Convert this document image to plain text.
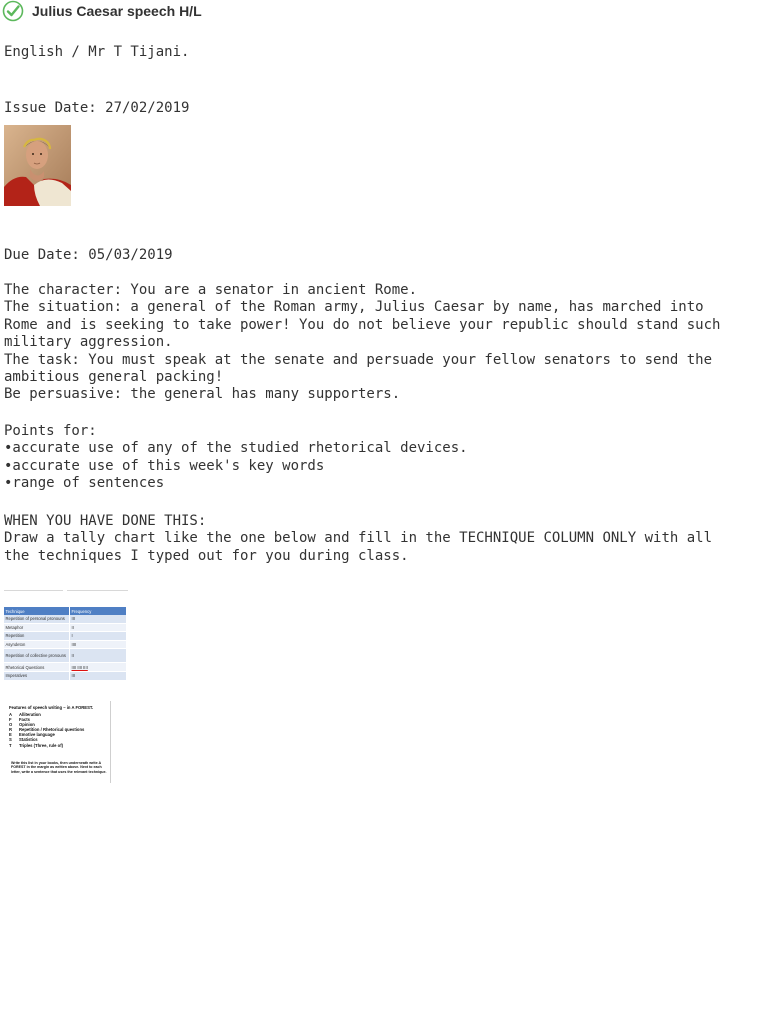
Julius Caesar speech H/L
English / Mr T Tijani.
Issue Date: 27/02/2019
Due Date: 05/03/2019
The character: You are a senator in ancient Rome.
The situation: a general of the Roman army, Julius Caesar by name, has marched into
Rome and is seeking to take power! You do not believe your republic should stand such
military aggression.
The task: You must speak at the senate and persuade your fellow senators to send the
ambitious general packing!
Be persuasive: the general has many supporters.
Points for:
•accurate use of any of the studied rhetorical devices.
•accurate use of this week's key words
•range of sentences
WHEN YOU HAVE DONE THIS:
Draw a tally chart like the one below and fill in the TECHNIQUE COLUMN ONLY with all
the techniques I typed out for you during class.
Technique	Frequency
Repetition of personal pronouns	III
Metaphor	II
Repetition	I
Asyndeton	IIII
Repetition of collective pronouns	II
Rhetorical Questions	IIII IIII IIII
Imperatives	III
Features of speech writing – in A FOREST.
A Alliteration
F Facts
O Opinion
R Repetition / Rhetorical questions
E Emotive language
S Statistics
T Triples (Three, rule of)
Write this list in your books, then underneath write A FOREST in the margin as written above. Next to each letter, write a sentence that uses the relevant technique.
